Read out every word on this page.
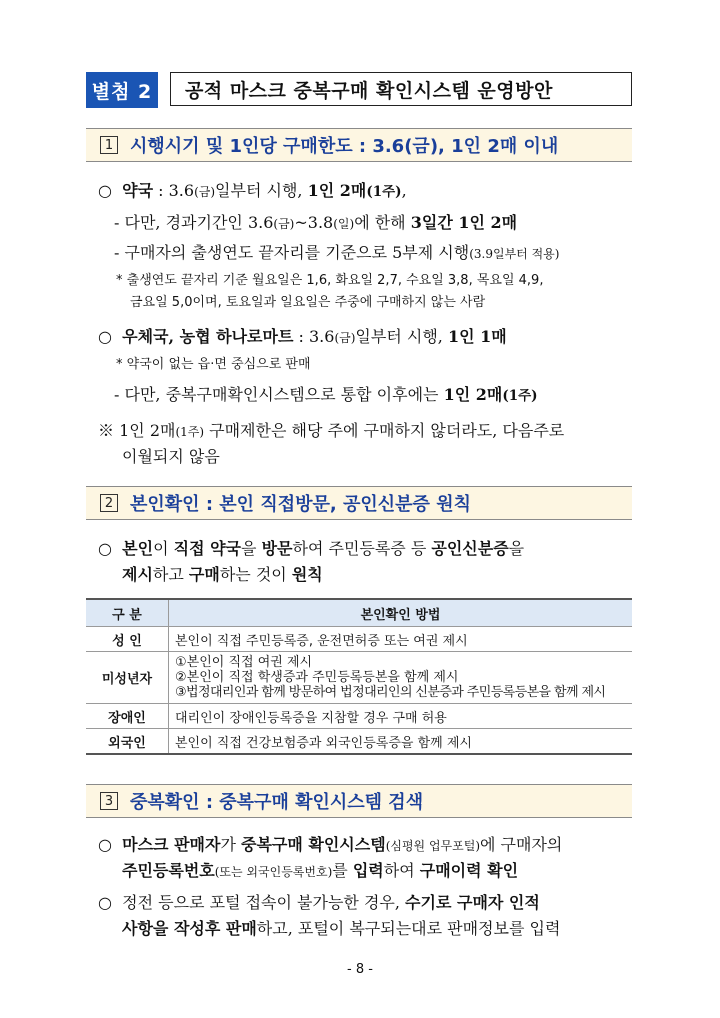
별첨 2	공적 마스크 중복구매 확인시스템 운영방안
1 시행시기 및 1인당 구매한도 : 3.6(금), 1인 2매 이내
○ 약국 : 3.6(금)일부터 시행, 1인 2매(1주),
- 다만, 경과기간인 3.6(금)~3.8(일)에 한해 3일간 1인 2매
- 구매자의 출생연도 끝자리를 기준으로 5부제 시행(3.9일부터 적용)
* 출생연도 끝자리 기준 월요일은 1,6, 화요일 2,7, 수요일 3,8, 목요일 4,9,
금요일 5,0이며, 토요일과 일요일은 주중에 구매하지 않는 사람
○ 우체국, 농협 하나로마트 : 3.6(금)일부터 시행, 1인 1매
* 약국이 없는 읍·면 중심으로 판매
- 다만, 중복구매확인시스템으로 통합 이후에는 1인 2매(1주)
※ 1인 2매(1주) 구매제한은 해당 주에 구매하지 않더라도, 다음주로
이월되지 않음
2 본인확인 : 본인 직접방문, 공인신분증 원칙
○ 본인이 직접 약국을 방문하여 주민등록증 등 공인신분증을
제시하고 구매하는 것이 원칙
구 분	본인확인 방법
성 인	본인이 직접 주민등록증, 운전면허증 또는 여권 제시
미성년자	①본인이 직접 여권 제시
②본인이 직접 학생증과 주민등록등본을 함께 제시
③법정대리인과 함께 방문하여 법정대리인의 신분증과 주민등록등본을 함께 제시

장애인	대리인이 장애인등록증을 지참할 경우 구매 허용
외국인	본인이 직접 건강보험증과 외국인등록증을 함께 제시
3 중복확인 : 중복구매 확인시스템 검색
○ 마스크 판매자가 중복구매 확인시스템(심평원 업무포털)에 구매자의
주민등록번호(또는 외국인등록번호)를 입력하여 구매이력 확인
○ 정전 등으로 포털 접속이 불가능한 경우, 수기로 구매자 인적
사항을 작성후 판매하고, 포털이 복구되는대로 판매정보를 입력
- 8 -
